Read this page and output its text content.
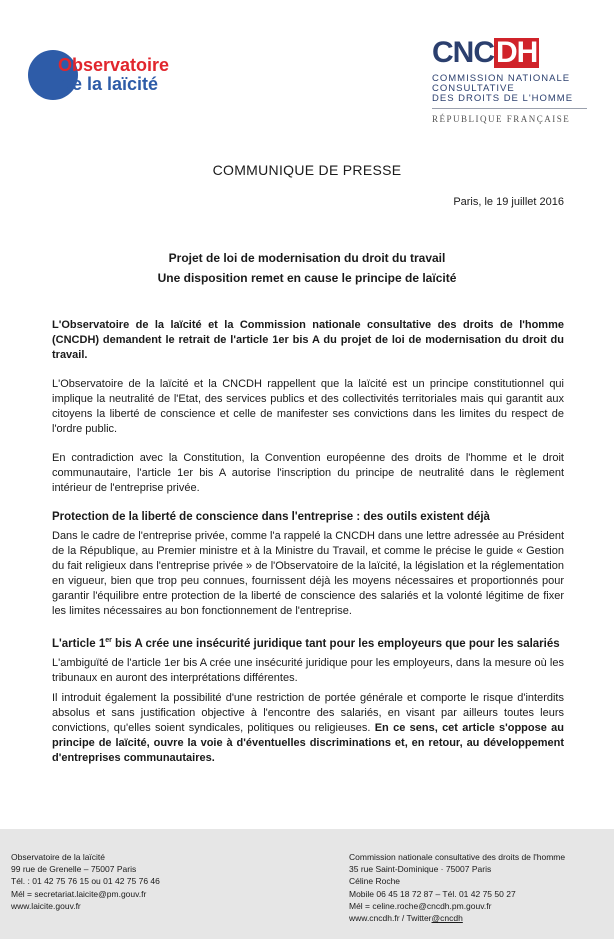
Observatoire
de la laïcité
CNCDH
COMMISSION NATIONALE
CONSULTATIVE
DES DROITS DE L'HOMME
RÉPUBLIQUE FRANÇAISE
COMMUNIQUE DE PRESSE
Paris, le 19 juillet 2016
Projet de loi de modernisation du droit du travail
Une disposition remet en cause le principe de laïcité

L'Observatoire de la laïcité et la Commission nationale consultative des droits de l'homme (CNCDH) demandent le retrait de l'article 1er bis A du projet de loi de modernisation du droit du travail.

L'Observatoire de la laïcité et la CNCDH rappellent que la laïcité est un principe constitutionnel qui implique la neutralité de l'Etat, des services publics et des collectivités territoriales mais qui garantit aux citoyens la liberté de conscience et celle de manifester ses convictions dans les limites du respect de l'ordre public.

En contradiction avec la Constitution, la Convention européenne des droits de l'homme et le droit communautaire, l'article 1er bis A autorise l'inscription du principe de neutralité dans le règlement intérieur de l'entreprise privée.

Protection de la liberté de conscience dans l'entreprise : des outils existent déjà

Dans le cadre de l'entreprise privée, comme l'a rappelé la CNCDH dans une lettre adressée au Président de la République, au Premier ministre et à la Ministre du Travail, et comme le précise le guide « Gestion du fait religieux dans l'entreprise privée » de l'Observatoire de la laïcité, la législation et la réglementation en vigueur, bien que trop peu connues, fournissent déjà les moyens nécessaires et proportionnés pour garantir l'équilibre entre protection de la liberté de conscience des salariés et la volonté légitime de fixer les limites nécessaires au bon fonctionnement de l'entreprise.

L'article 1er bis A crée une insécurité juridique tant pour les employeurs que pour les salariés

L'ambiguïté de l'article 1er bis A crée une insécurité juridique pour les employeurs, dans la mesure où les tribunaux en auront des interprétations différentes.

Il introduit également la possibilité d'une restriction de portée générale et comporte le risque d'interdits absolus et sans justification objective à l'encontre des salariés, en visant par ailleurs toutes leurs convictions, qu'elles soient syndicales, politiques ou religieuses. En ce sens, cet article s'oppose au principe de laïcité, ouvre la voie à d'éventuelles discriminations et, en retour, au développement d'entreprises communautaires.

Observatoire de la laïcité
99 rue de Grenelle – 75007 Paris
Tél. : 01 42 75 76 15 ou 01 42 75 76 46
Mél = secretariat.laicite@pm.gouv.fr
www.laicite.gouv.fr
Commission nationale consultative des droits de l'homme
35 rue Saint-Dominique · 75007 Paris
Céline Roche
Mobile 06 45 18 72 87 – Tél. 01 42 75 50 27
Mél = celine.roche@cncdh.pm.gouv.fr
www.cncdh.fr / Twitter@cncdh
